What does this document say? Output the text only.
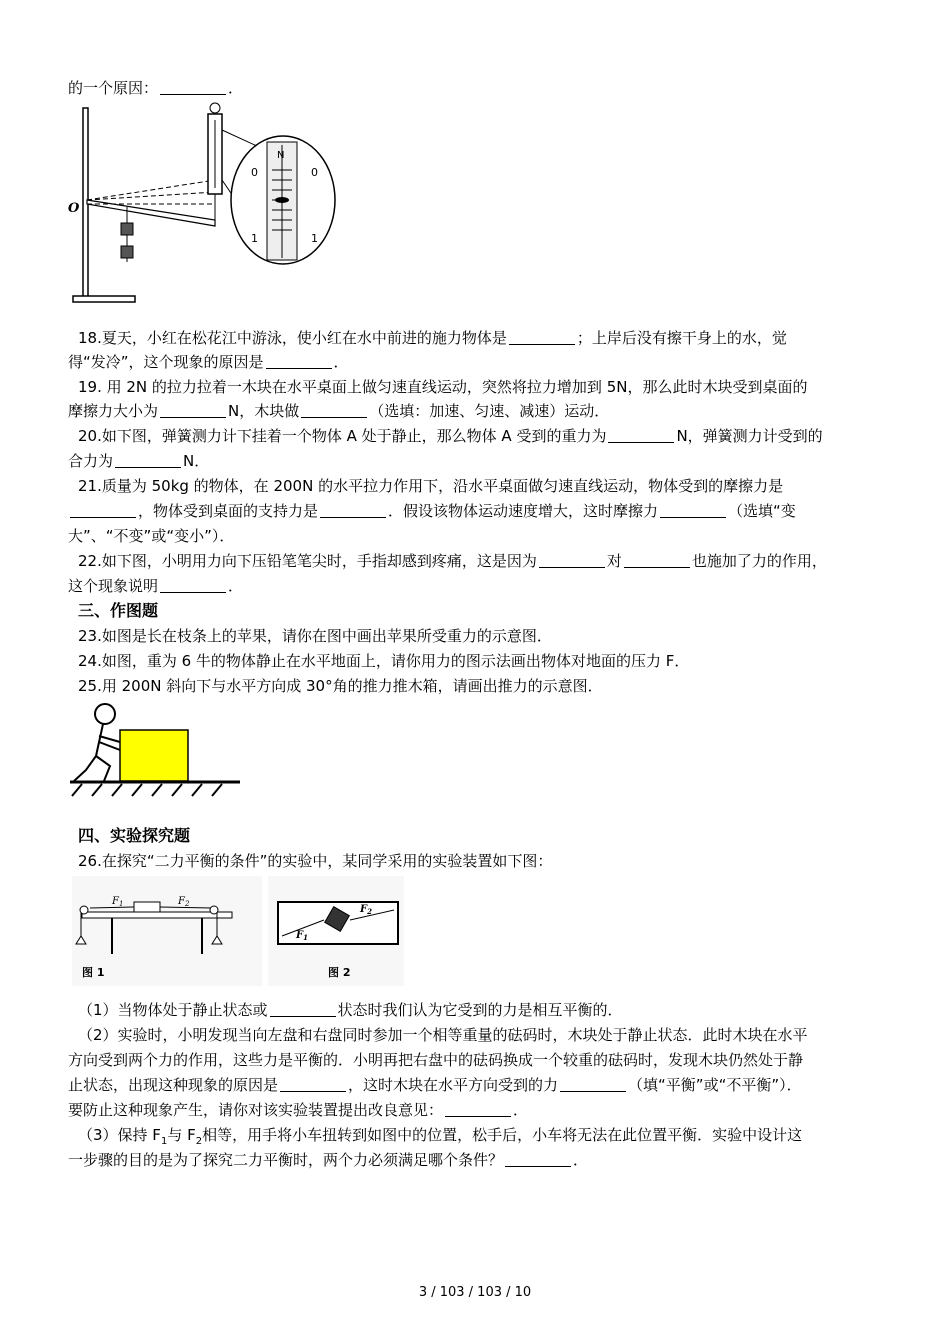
的一个原因：	．
O
N
0	0
1	1
18.夏天，小红在松花江中游泳，使小红在水中前进的施力物体是	；上岸后没有擦干身上的水，觉
得“发冷”，这个现象的原因是	．
19. 用 2N 的拉力拉着一木块在水平桌面上做匀速直线运动，突然将拉力增加到 5N，那么此时木块受到桌面的
摩擦力大小为	N，木块做	（选填：加速、匀速、减速）运动．
20.如下图，弹簧测力计下挂着一个物体 A 处于静止，那么物体 A 受到的重力为	N，弹簧测力计受到的
合力为	N．
21.质量为 50kg 的物体，在 200N 的水平拉力作用下，沿水平桌面做匀速直线运动，物体受到的摩擦力是
，物体受到桌面的支持力是	．假设该物体运动速度增大，这时摩擦力	（选填“变
大”、“不变”或“变小”）．
22.如下图，小明用力向下压铅笔笔尖时，手指却感到疼痛，这是因为	对	也施加了力的作用，
这个现象说明	．
三、作图题
23.如图是长在枝条上的苹果，请你在图中画出苹果所受重力的示意图．
24.如图，重为 6 牛的物体静止在水平地面上，请你用力的图示法画出物体对地面的压力 F．
25.用 200N 斜向下与水平方向成 30°角的推力推木箱，请画出推力的示意图．
四、实验探究题
26.在探究“二力平衡的条件”的实验中，某同学采用的实验装置如下图：
$F_1$	$F_2$
图 1
$F_1$
$F_2$
图 2
（1）当物体处于静止状态或	状态时我们认为它受到的力是相互平衡的．
（2）实验时，小明发现当向左盘和右盘同时参加一个相等重量的砝码时，木块处于静止状态．此时木块在水平
方向受到两个力的作用，这些力是平衡的．小明再把右盘中的砝码换成一个较重的砝码时，发现木块仍然处于静
止状态，出现这种现象的原因是	，这时木块在水平方向受到的力	（填“平衡”或“不平衡”）．
要防止这种现象产生，请你对该实验装置提出改良意见：	．
（3）保持 $F_1$与 $F_2$相等，用手将小车扭转到如图中的位置，松手后，小车将无法在此位置平衡．实验中设计这
一步骤的目的是为了探究二力平衡时，两个力必须满足哪个条件？	．
3 / 103 / 103 / 10
